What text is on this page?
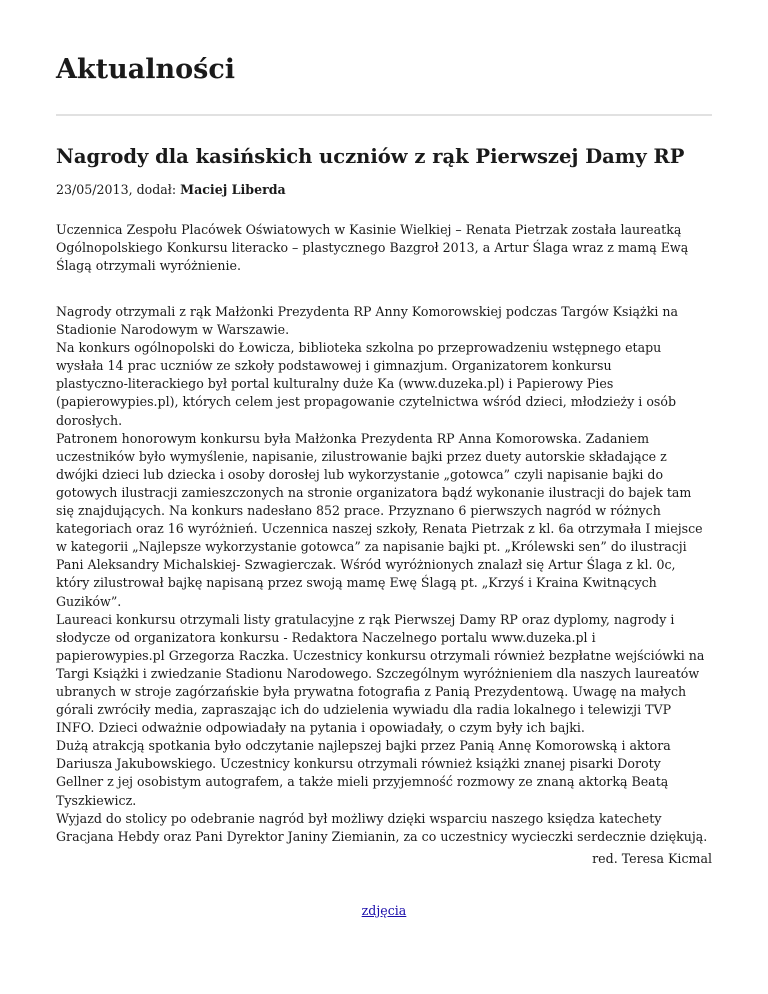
Aktualności
Nagrody dla kasińskich uczniów z rąk Pierwszej Damy RP
23/05/2013, dodał: Maciej Liberda

Uczennica Zespołu Placówek Oświatowych w Kasinie Wielkiej – Renata Pietrzak została laureatką
Ogólnopolskiego Konkursu literacko – plastycznego Bazgroł 2013, a Artur Ślaga wraz z mamą Ewą
Ślagą otrzymali wyróżnienie.

Nagrody otrzymali z rąk Małżonki Prezydenta RP Anny Komorowskiej podczas Targów Książki na
Stadionie Narodowym w Warszawie.
Na konkurs ogólnopolski do Łowicza, biblioteka szkolna po przeprowadzeniu wstępnego etapu
wysłała 14 prac uczniów ze szkoły podstawowej i gimnazjum. Organizatorem konkursu
plastyczno-literackiego był portal kulturalny duże Ka (www.duzeka.pl) i Papierowy Pies
(papierowypies.pl), których celem jest propagowanie czytelnictwa wśród dzieci, młodzieży i osób
dorosłych.
Patronem honorowym konkursu była Małżonka Prezydenta RP Anna Komorowska. Zadaniem
uczestników było wymyślenie, napisanie, zilustrowanie bajki przez duety autorskie składające z
dwójki dzieci lub dziecka i osoby dorosłej lub wykorzystanie „gotowca” czyli napisanie bajki do
gotowych ilustracji zamieszczonych na stronie organizatora bądź wykonanie ilustracji do bajek tam
się znajdujących. Na konkurs nadesłano 852 prace. Przyznano 6 pierwszych nagród w różnych
kategoriach oraz 16 wyróżnień. Uczennica naszej szkoły, Renata Pietrzak z kl. 6a otrzymała I miejsce
w kategorii „Najlepsze wykorzystanie gotowca” za napisanie bajki pt. „Królewski sen” do ilustracji
Pani Aleksandry Michalskiej- Szwagierczak. Wśród wyróżnionych znalazł się Artur Ślaga z kl. 0c,
który zilustrował bajkę napisaną przez swoją mamę Ewę Ślagą pt. „Krzyś i Kraina Kwitnących
Guzików”.
Laureaci konkursu otrzymali listy gratulacyjne z rąk Pierwszej Damy RP oraz dyplomy, nagrody i
słodycze od organizatora konkursu - Redaktora Naczelnego portalu www.duzeka.pl i
papierowypies.pl Grzegorza Raczka. Uczestnicy konkursu otrzymali również bezpłatne wejściówki na
Targi Książki i zwiedzanie Stadionu Narodowego. Szczególnym wyróżnieniem dla naszych laureatów
ubranych w stroje zagórzańskie była prywatna fotografia z Panią Prezydentową. Uwagę na małych
górali zwróciły media, zapraszając ich do udzielenia wywiadu dla radia lokalnego i telewizji TVP
INFO. Dzieci odważnie odpowiadały na pytania i opowiadały, o czym były ich bajki.
Dużą atrakcją spotkania było odczytanie najlepszej bajki przez Panią Annę Komorowską i aktora
Dariusza Jakubowskiego. Uczestnicy konkursu otrzymali również książki znanej pisarki Doroty
Gellner z jej osobistym autografem, a także mieli przyjemność rozmowy ze znaną aktorką Beatą
Tyszkiewicz.
Wyjazd do stolicy po odebranie nagród był możliwy dzięki wsparciu naszego księdza katechety
Gracjana Hebdy oraz Pani Dyrektor Janiny Ziemianin, za co uczestnicy wycieczki serdecznie dziękują.

red. Teresa Kicmal
zdjęcia
